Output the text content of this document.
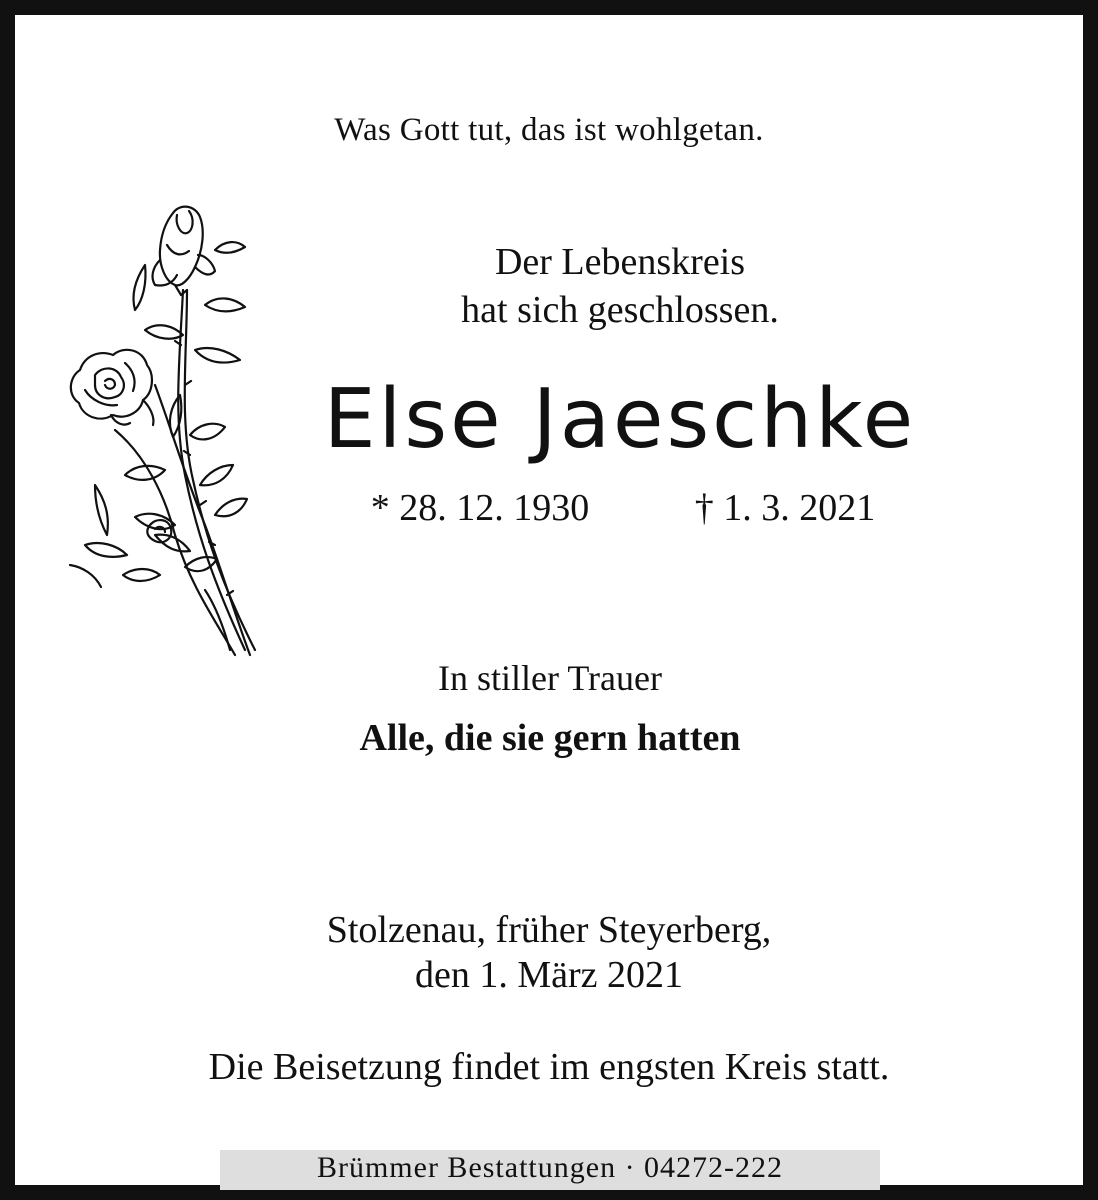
Was Gott tut, das ist wohlgetan.
Der Lebenskreis
hat sich geschlossen.
Else Jaeschke
* 28. 12. 1930	† 1. 3. 2021
In stiller Trauer
Alle, die sie gern hatten
Stolzenau, früher Steyerberg,
den 1. März 2021
Die Beisetzung findet im engsten Kreis statt.
Brümmer Bestattungen · 04272-222
